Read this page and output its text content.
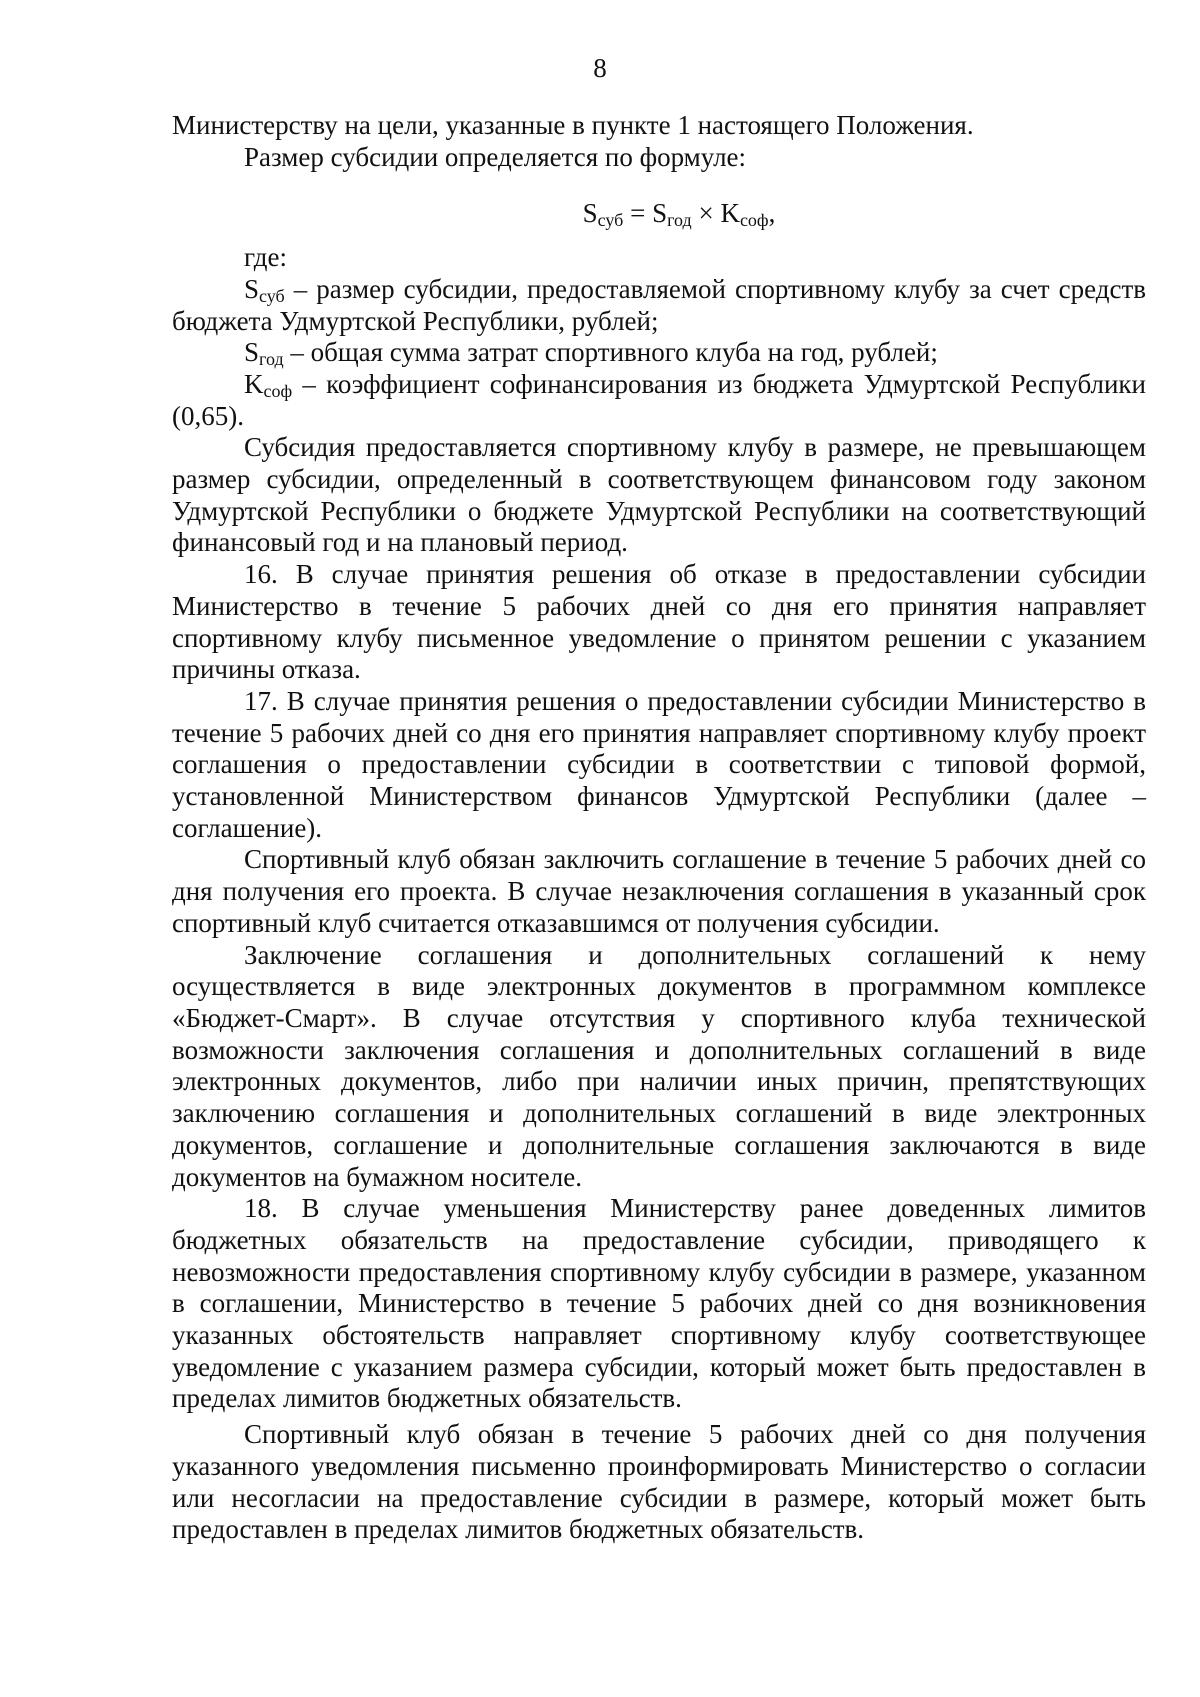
8

Министерству на цели, указанные в пункте 1 настоящего Положения.

Размер субсидии определяется по формуле:

$S_{суб} = S_{год} \times K_{соф}$,

где:

$S_{суб}$ – размер субсидии, предоставляемой спортивному клубу за счет средств бюджета Удмуртской Республики, рублей;

$S_{год}$ – общая сумма затрат спортивного клуба на год, рублей;

$K_{соф}$ – коэффициент софинансирования из бюджета Удмуртской Республики (0,65).

Субсидия предоставляется спортивному клубу в размере, не превышающем размер субсидии, определенный в соответствующем финансовом году законом Удмуртской Республики о бюджете Удмуртской Республики на соответствующий финансовый год и на плановый период.

16. В случае принятия решения об отказе в предоставлении субсидии Министерство в течение 5 рабочих дней со дня его принятия направляет спортивному клубу письменное уведомление о принятом решении с указанием причины отказа.

17. В случае принятия решения о предоставлении субсидии Министерство в течение 5 рабочих дней со дня его принятия направляет спортивному клубу проект соглашения о предоставлении субсидии в соответствии с типовой формой, установленной Министерством финансов Удмуртской Республики (далее – соглашение).

Спортивный клуб обязан заключить соглашение в течение 5 рабочих дней со дня получения его проекта. В случае незаключения соглашения в указанный срок спортивный клуб считается отказавшимся от получения субсидии.

Заключение соглашения и дополнительных соглашений к нему осуществляется в виде электронных документов в программном комплексе «Бюджет-Смарт». В случае отсутствия у спортивного клуба технической возможности заключения соглашения и дополнительных соглашений в виде электронных документов, либо при наличии иных причин, препятствующих заключению соглашения и дополнительных соглашений в виде электронных документов, соглашение и дополнительные соглашения заключаются в виде документов на бумажном носителе.

18. В случае уменьшения Министерству ранее доведенных лимитов бюджетных обязательств на предоставление субсидии, приводящего к невозможности предоставления спортивному клубу субсидии в размере, указанном в соглашении, Министерство в течение 5 рабочих дней со дня возникновения указанных обстоятельств направляет спортивному клубу соответствующее уведомление с указанием размера субсидии, который может быть предоставлен в пределах лимитов бюджетных обязательств.

Спортивный клуб обязан в течение 5 рабочих дней со дня получения указанного уведомления письменно проинформировать Министерство о согласии или несогласии на предоставление субсидии в размере, который может быть предоставлен в пределах лимитов бюджетных обязательств.
